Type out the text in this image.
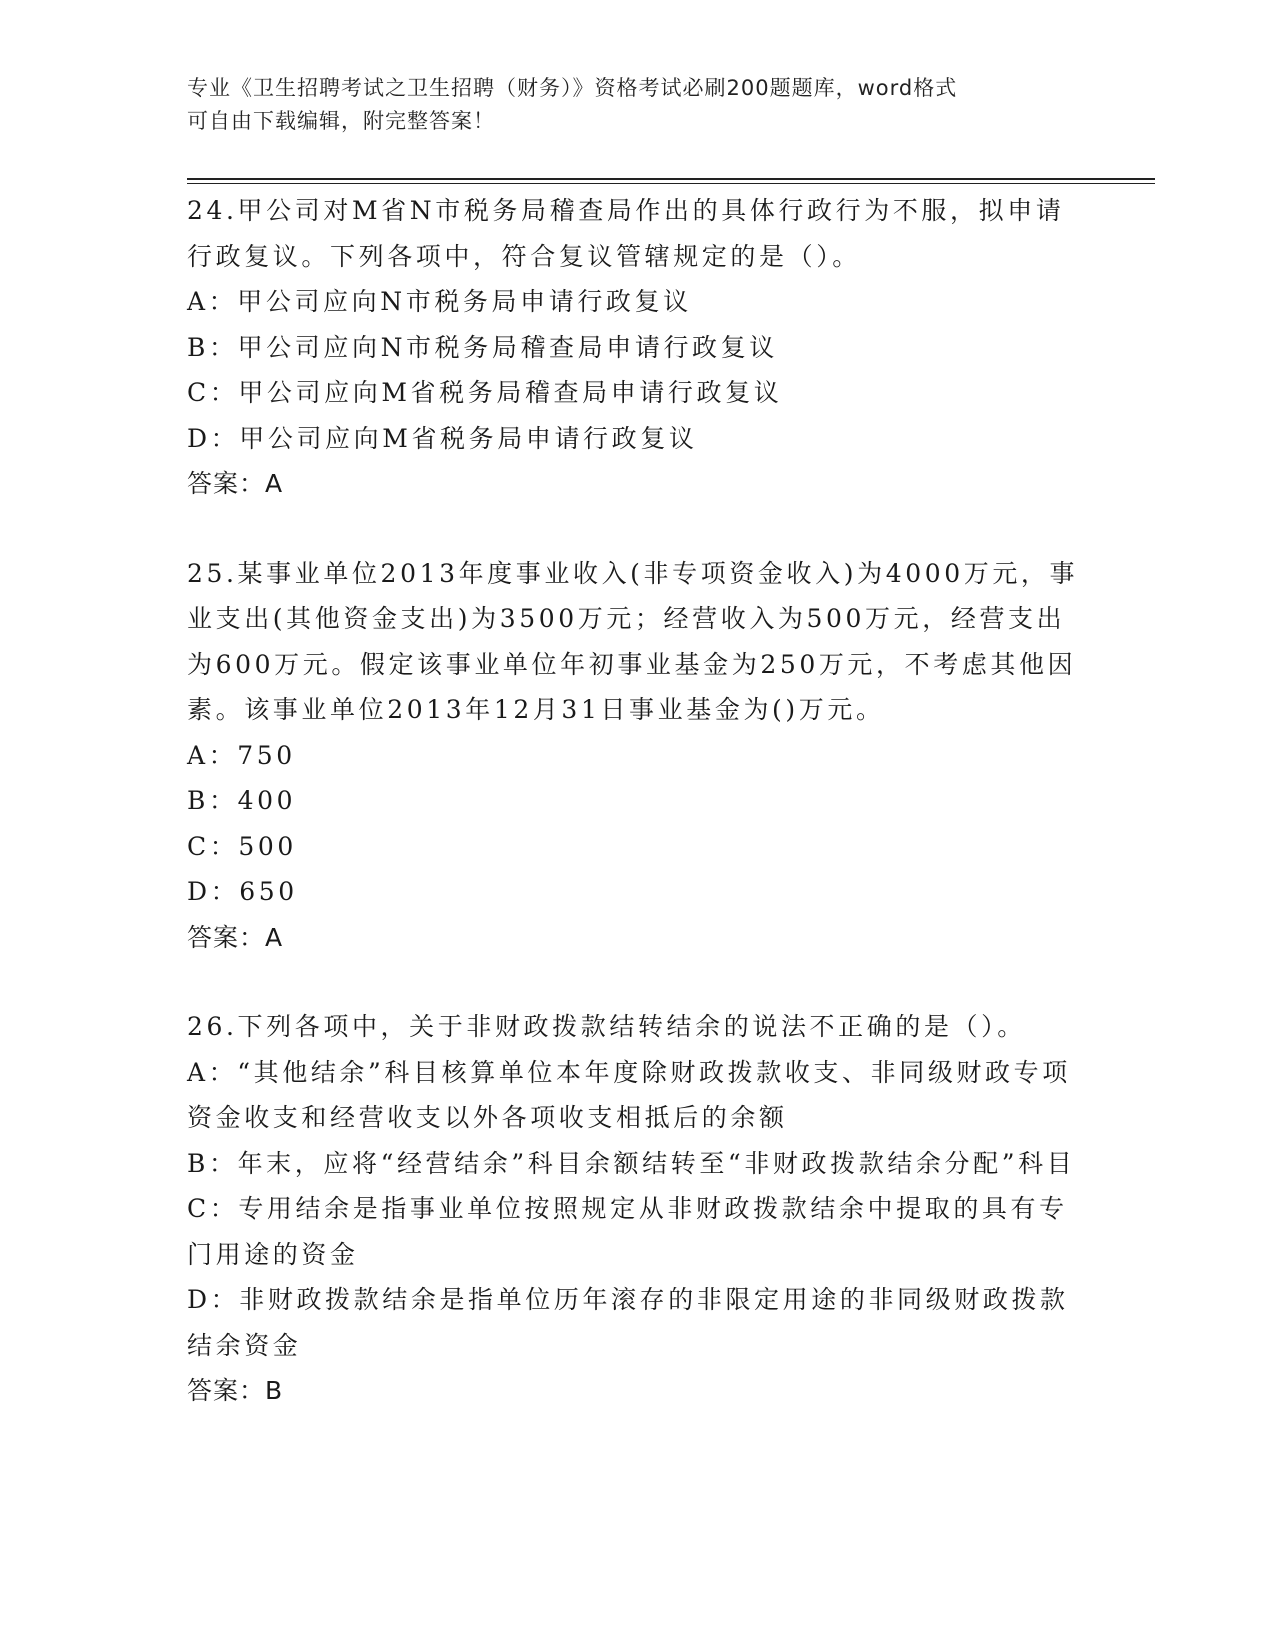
专业《卫生招聘考试之卫生招聘（财务）》资格考试必刷200题题库，word格式
可自由下载编辑，附完整答案！

24.甲公司对M省N市税务局稽查局作出的具体行政行为不服，拟申请行政复议。下列各项中，符合复议管辖规定的是（）。

A：甲公司应向N市税务局申请行政复议

B：甲公司应向N市税务局稽查局申请行政复议

C：甲公司应向M省税务局稽查局申请行政复议

D：甲公司应向M省税务局申请行政复议

答案：A

25.某事业单位2013年度事业收入(非专项资金收入)为4000万元，事业支出(其他资金支出)为3500万元；经营收入为500万元，经营支出为600万元。假定该事业单位年初事业基金为250万元，不考虑其他因素。该事业单位2013年12月31日事业基金为()万元。

A：750

B：400

C：500

D：650

答案：A

26.下列各项中，关于非财政拨款结转结余的说法不正确的是（）。

A：“其他结余”科目核算单位本年度除财政拨款收支、非同级财政专项资金收支和经营收支以外各项收支相抵后的余额

B：年末，应将“经营结余”科目余额结转至“非财政拨款结余分配”科目

C：专用结余是指事业单位按照规定从非财政拨款结余中提取的具有专门用途的资金

D：非财政拨款结余是指单位历年滚存的非限定用途的非同级财政拨款结余资金

答案：B
